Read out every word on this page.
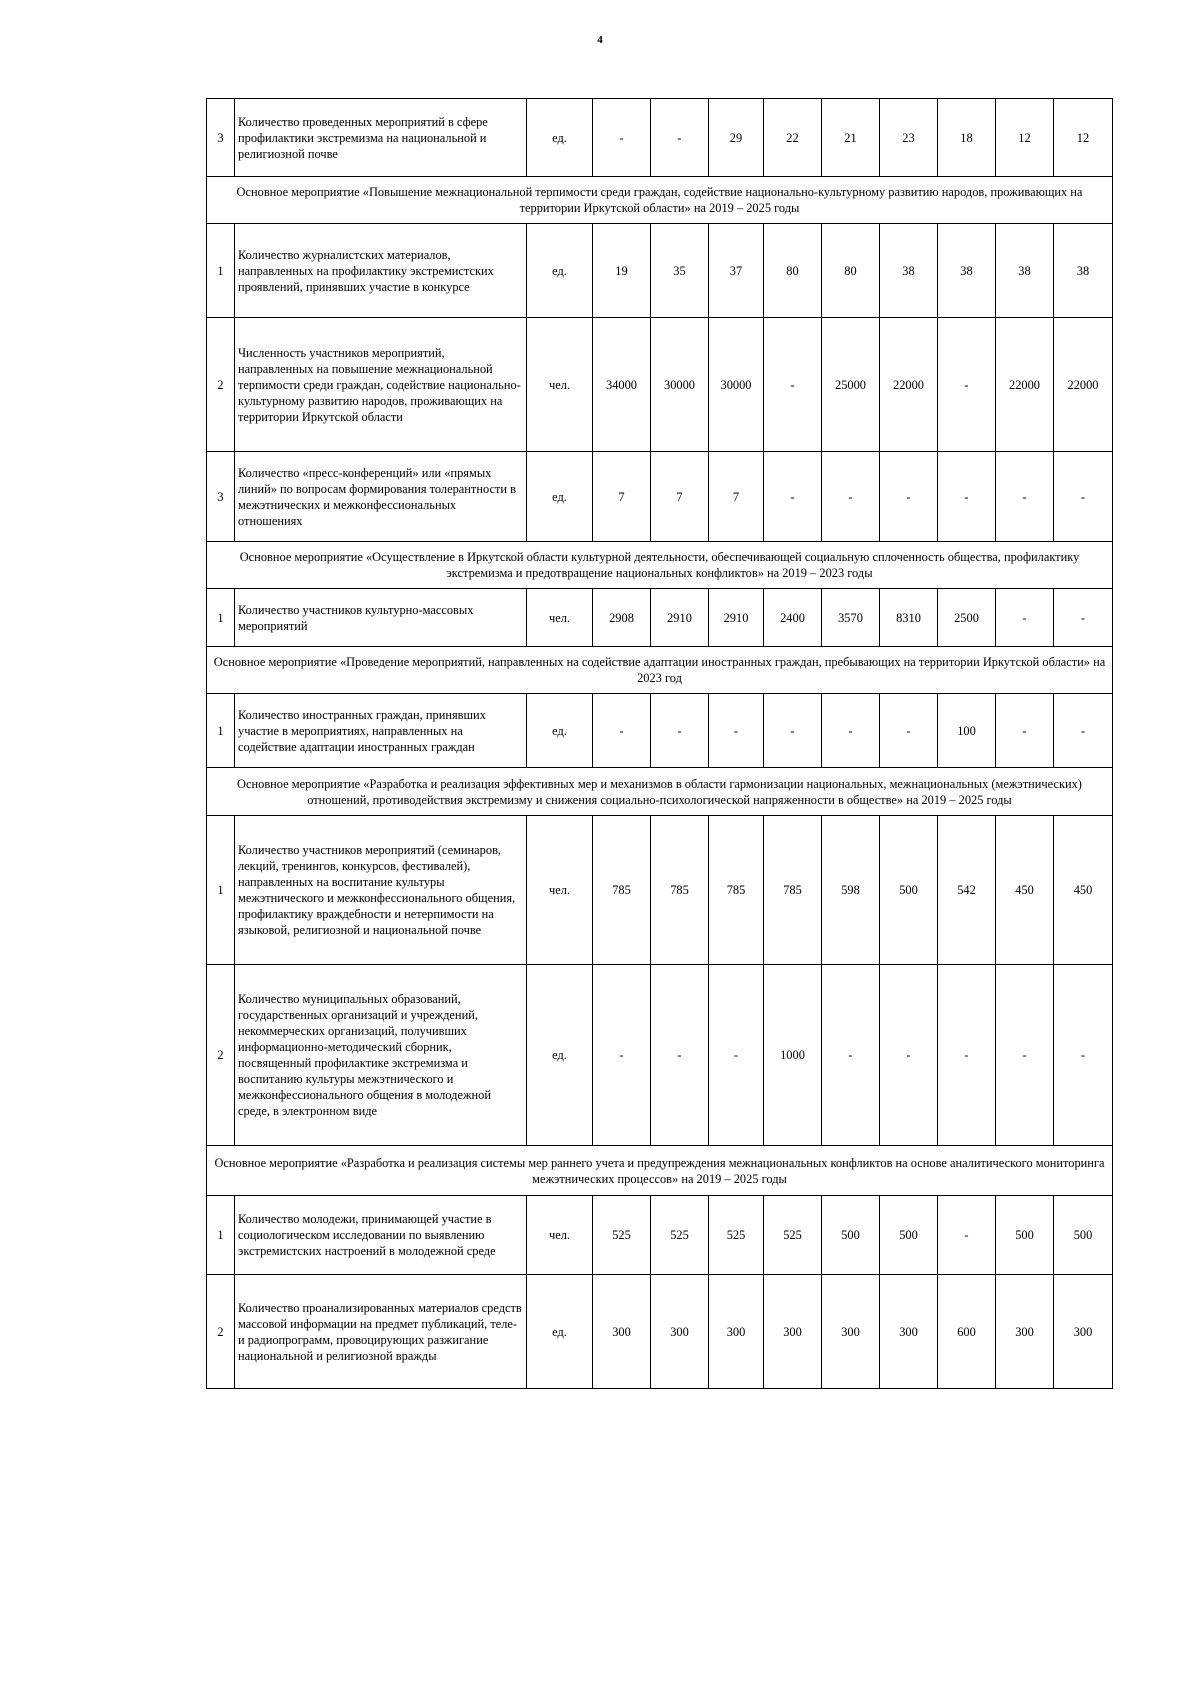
4
3	Количество проведенных мероприятий в сфере профилактики экстремизма на национальной и религиозной почве	ед.	-	-	29	22	21	23	18	12	12
Основное мероприятие «Повышение межнациональной терпимости среди граждан, содействие национально-культурному развитию народов, проживающих на территории Иркутской области» на 2019 – 2025 годы											
1	Количество журналистских материалов, направленных на профилактику экстремистских проявлений, принявших участие в конкурсе	ед.	19	35	37	80	80	38	38	38	38
2	Численность участников мероприятий, направленных на повышение межнациональной терпимости среди граждан, содействие национально-культурному развитию народов, проживающих на территории Иркутской области	чел.	34000	30000	30000	-	25000	22000	-	22000	22000
3	Количество «пресс-конференций» или «прямых линий» по вопросам формирования толерантности в межэтнических и межконфессиональных отношениях	ед.	7	7	7	-	-	-	-	-	-
Основное мероприятие «Осуществление в Иркутской области культурной деятельности, обеспечивающей социальную сплоченность общества, профилактику экстремизма и предотвращение национальных конфликтов» на 2019 – 2023 годы											
1	Количество участников культурно-массовых мероприятий	чел.	2908	2910	2910	2400	3570	8310	2500	-	-
Основное мероприятие «Проведение мероприятий, направленных на содействие адаптации иностранных граждан, пребывающих на территории Иркутской области» на 2023 год											
1	Количество иностранных граждан, принявших участие в мероприятиях, направленных на содействие адаптации иностранных граждан	ед.	-	-	-	-	-	-	100	-	-
Основное мероприятие «Разработка и реализация эффективных мер и механизмов в области гармонизации национальных, межнациональных (межэтнических) отношений, противодействия экстремизму и снижения социально-психологической напряженности в обществе» на 2019 – 2025 годы											
1	Количество участников мероприятий (семинаров, лекций, тренингов, конкурсов, фестивалей), направленных на воспитание культуры межэтнического и межконфессионального общения, профилактику враждебности и нетерпимости на языковой, религиозной и национальной почве	чел.	785	785	785	785	598	500	542	450	450
2	Количество муниципальных образований, государственных организаций и учреждений, некоммерческих организаций, получивших информационно-методический сборник, посвященный профилактике экстремизма и воспитанию культуры межэтнического и межконфессионального общения в молодежной среде, в электронном виде	ед.	-	-	-	1000	-	-	-	-	-
Основное мероприятие «Разработка и реализация системы мер раннего учета и предупреждения межнациональных конфликтов на основе аналитического мониторинга межэтнических процессов» на 2019 – 2025 годы											
1	Количество молодежи, принимающей участие в социологическом исследовании по выявлению экстремистских настроений в молодежной среде	чел.	525	525	525	525	500	500	-	500	500
2	Количество проанализированных материалов средств массовой информации на предмет публикаций, теле- и радиопрограмм, провоцирующих разжигание национальной и религиозной вражды	ед.	300	300	300	300	300	300	600	300	300
